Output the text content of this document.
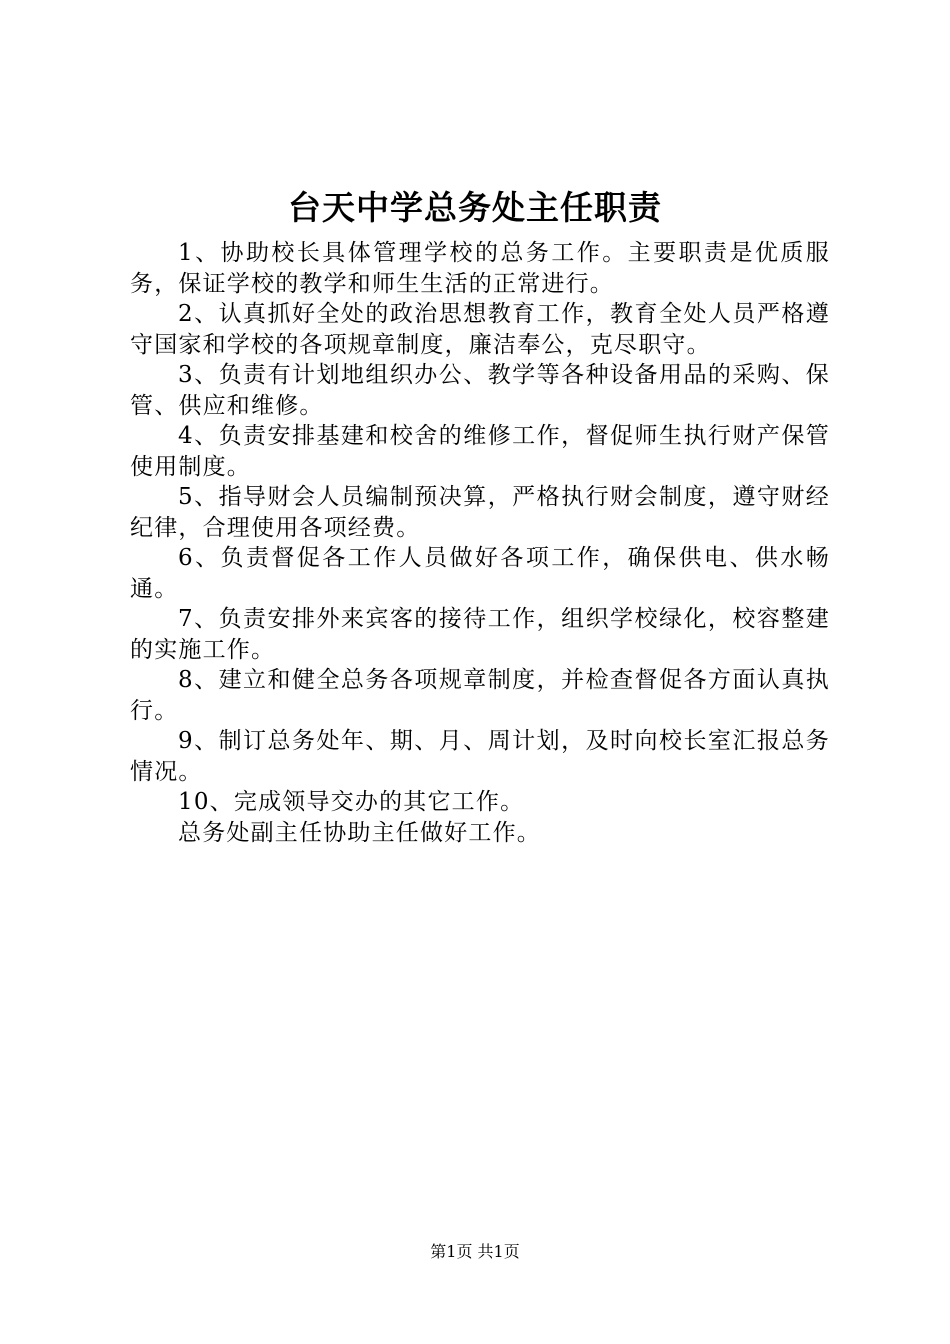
台天中学总务处主任职责

1、协助校长具体管理学校的总务工作。主要职责是优质服务，保证学校的教学和师生生活的正常进行。

2、认真抓好全处的政治思想教育工作，教育全处人员严格遵守国家和学校的各项规章制度，廉洁奉公，克尽职守。

3、负责有计划地组织办公、教学等各种设备用品的采购、保管、供应和维修。

4、负责安排基建和校舍的维修工作，督促师生执行财产保管使用制度。

5、指导财会人员编制预决算，严格执行财会制度，遵守财经纪律，合理使用各项经费。

6、负责督促各工作人员做好各项工作，确保供电、供水畅通。

7、负责安排外来宾客的接待工作，组织学校绿化，校容整建的实施工作。

8、建立和健全总务各项规章制度，并检查督促各方面认真执行。

9、制订总务处年、期、月、周计划，及时向校长室汇报总务情况。

10、完成领导交办的其它工作。

总务处副主任协助主任做好工作。

第1页 共1页
